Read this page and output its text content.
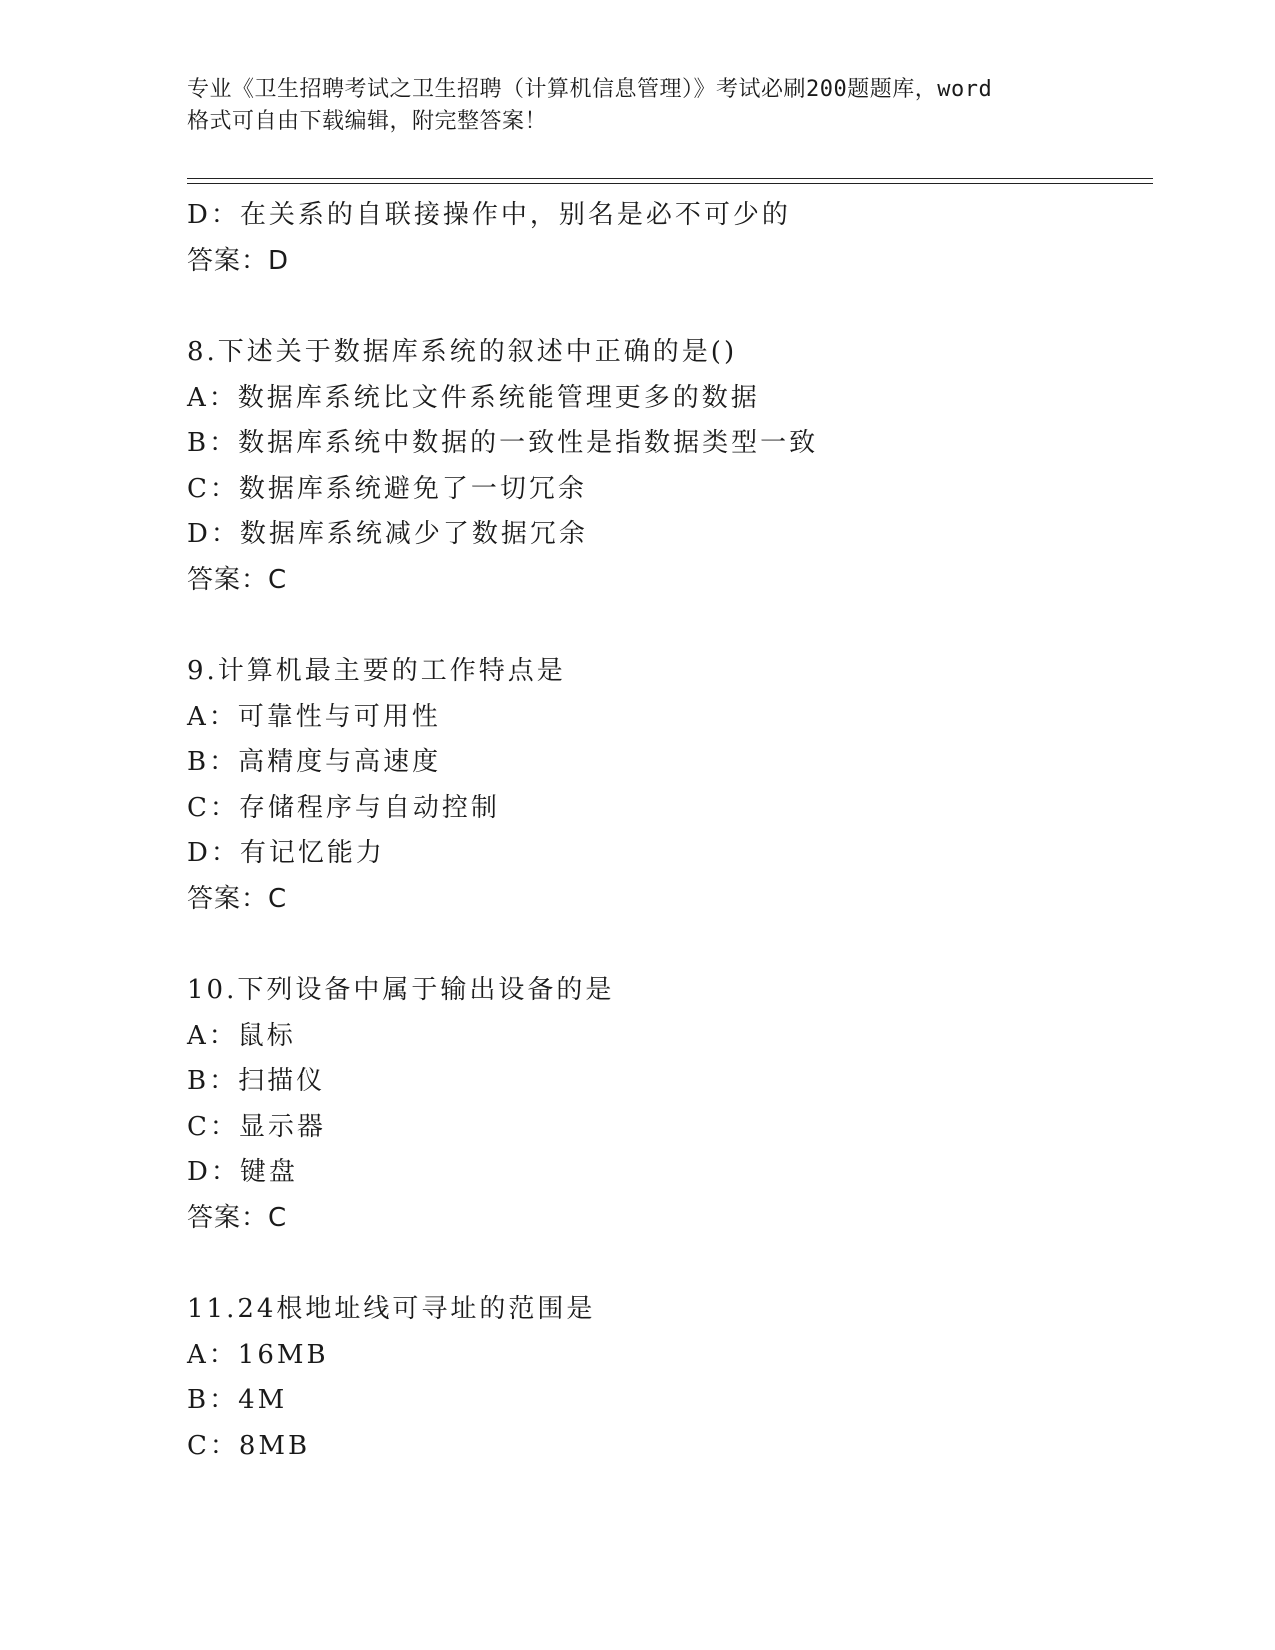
专业《卫生招聘考试之卫生招聘（计算机信息管理）》考试必刷200题题库，word
格式可自由下载编辑，附完整答案！
D：在关系的自联接操作中，别名是必不可少的
答案：D
8.下述关于数据库系统的叙述中正确的是()
A：数据库系统比文件系统能管理更多的数据
B：数据库系统中数据的一致性是指数据类型一致
C：数据库系统避免了一切冗余
D：数据库系统减少了数据冗余
答案：C
9.计算机最主要的工作特点是
A：可靠性与可用性
B：高精度与高速度
C：存储程序与自动控制
D：有记忆能力
答案：C
10.下列设备中属于输出设备的是
A：鼠标
B：扫描仪
C：显示器
D：键盘
答案：C
11.24根地址线可寻址的范围是
A：16MB
B：4M
C：8MB
